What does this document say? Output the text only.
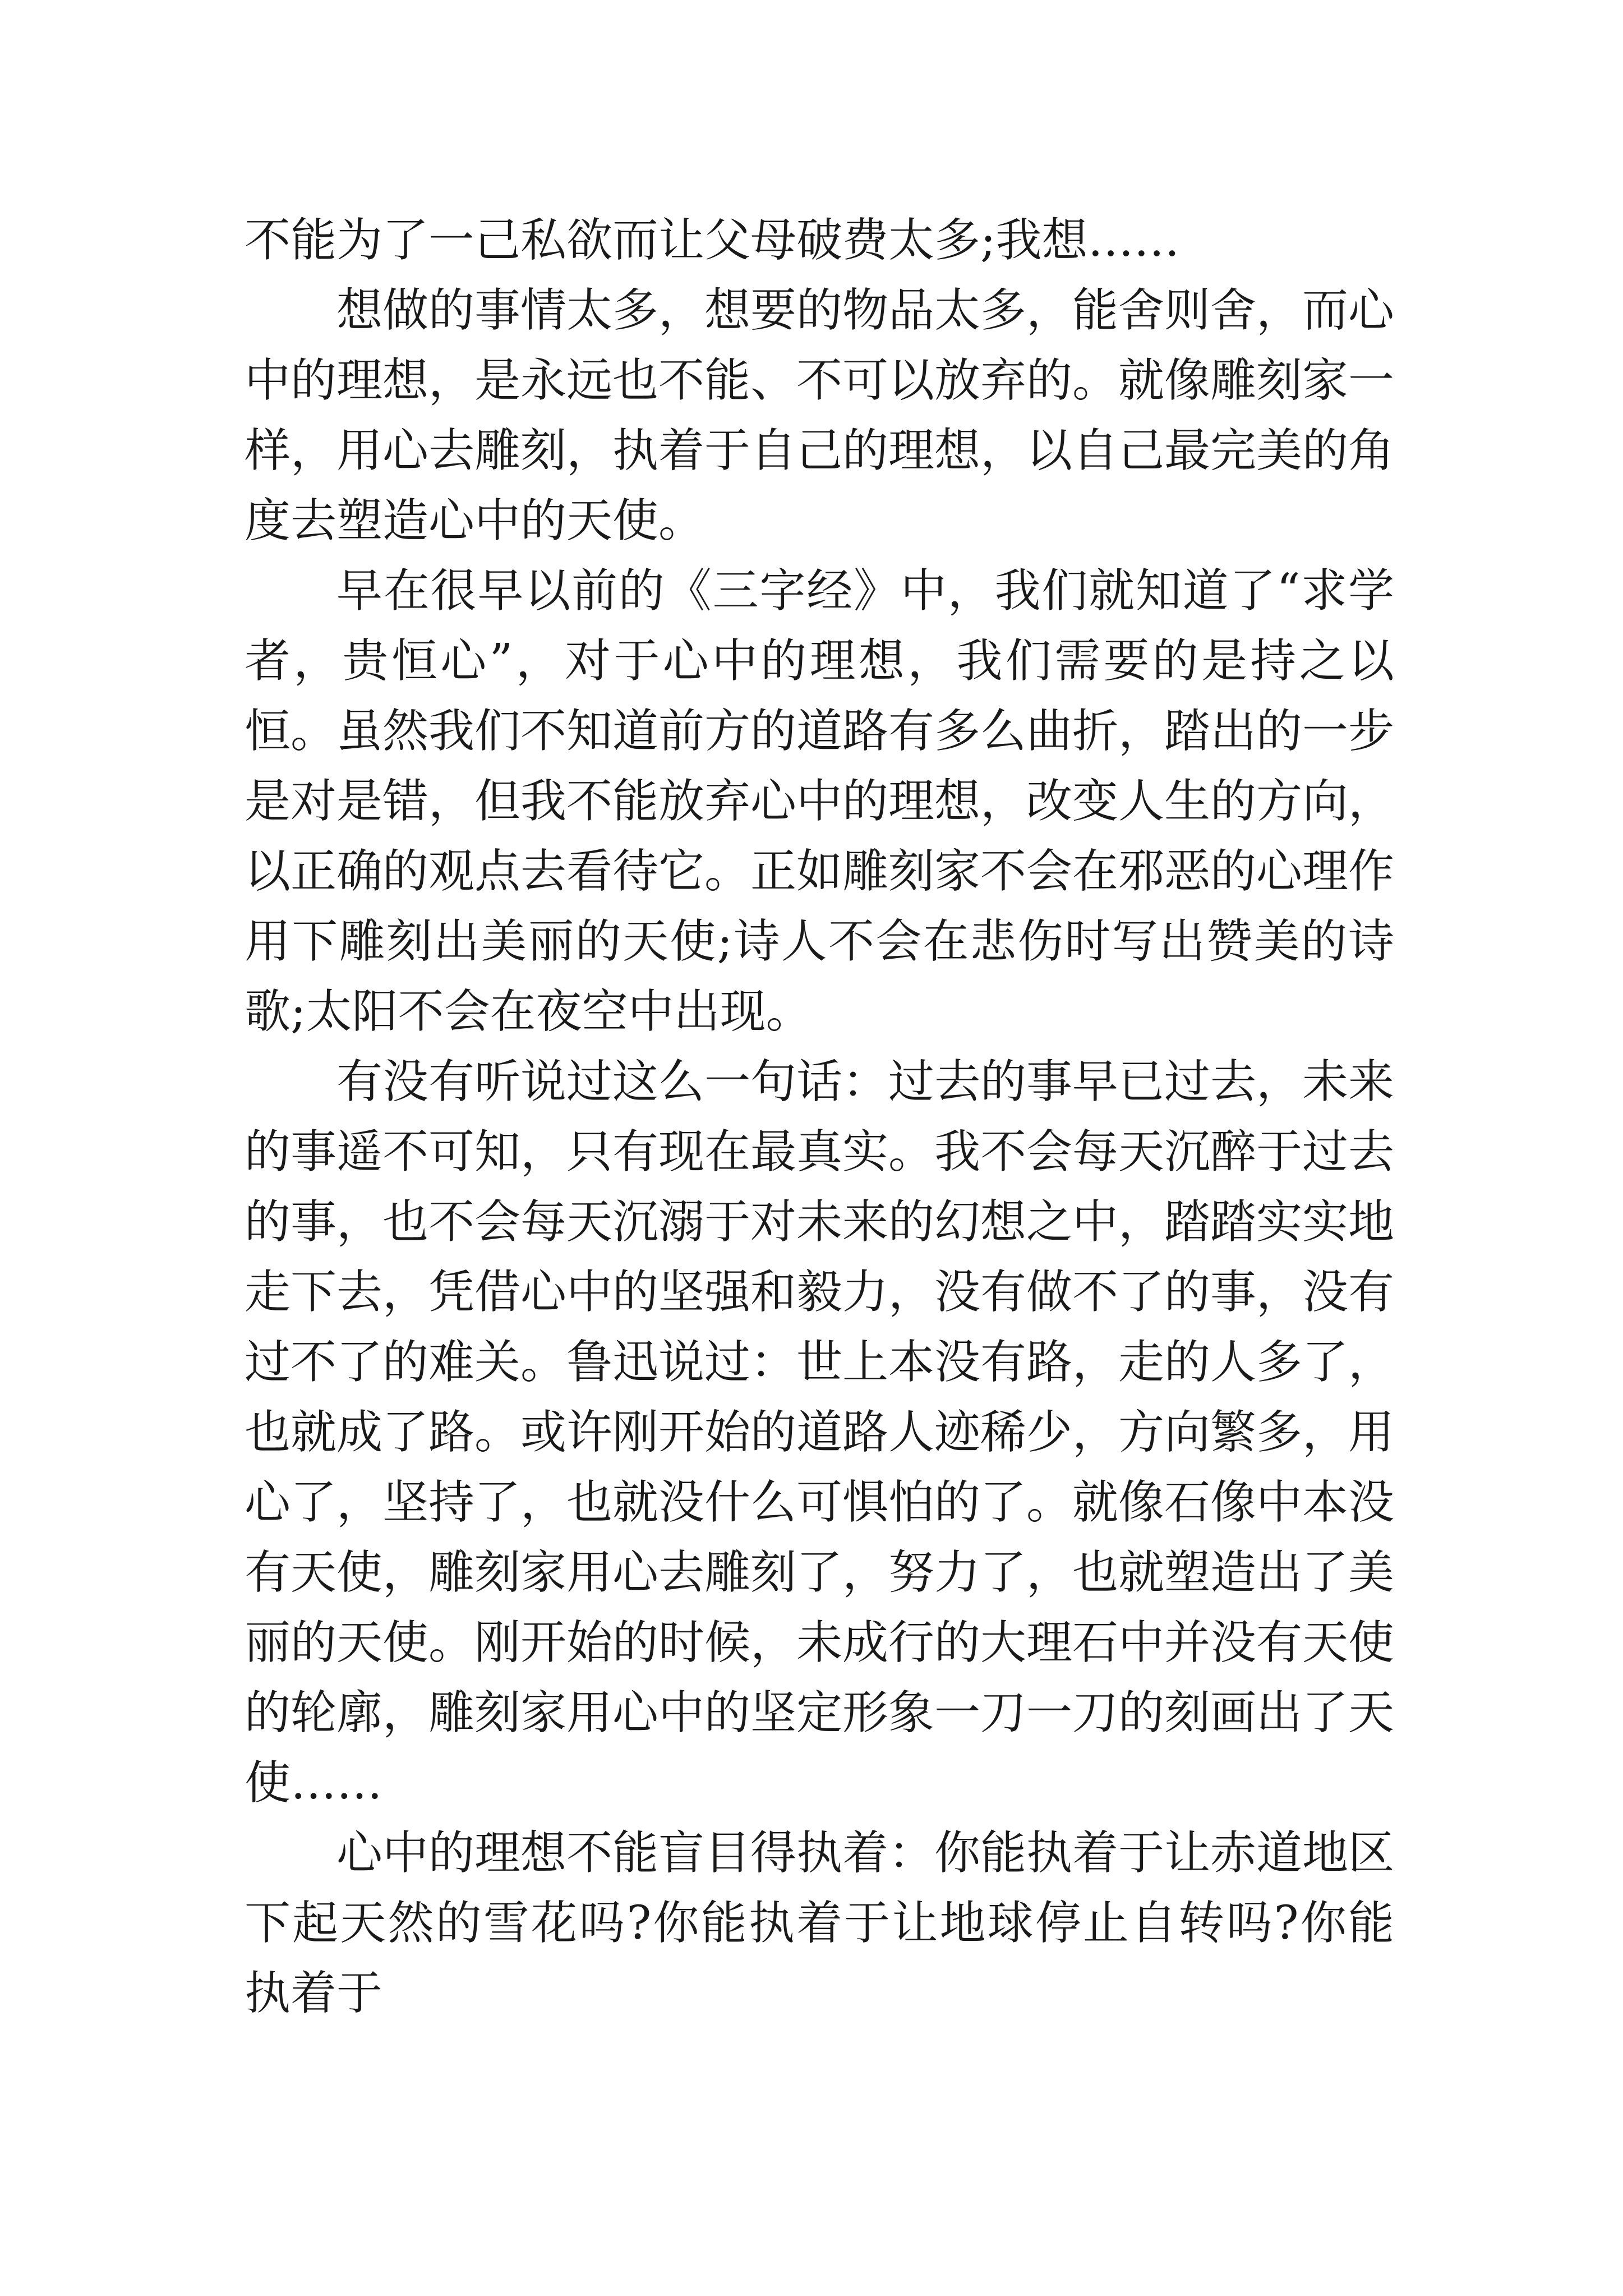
不能为了一己私欲而让父母破费太多;我想……

想做的事情太多，想要的物品太多，能舍则舍，而心中的理想，是永远也不能、不可以放弃的。就像雕刻家一样，用心去雕刻，执着于自己的理想，以自己最完美的角度去塑造心中的天使。

早在很早以前的《三字经》中，我们就知道了“求学者，贵恒心”，对于心中的理想，我们需要的是持之以恒。虽然我们不知道前方的道路有多么曲折，踏出的一步是对是错，但我不能放弃心中的理想，改变人生的方向，以正确的观点去看待它。正如雕刻家不会在邪恶的心理作用下雕刻出美丽的天使;诗人不会在悲伤时写出赞美的诗歌;太阳不会在夜空中出现。

有没有听说过这么一句话：过去的事早已过去，未来的事遥不可知，只有现在最真实。我不会每天沉醉于过去的事，也不会每天沉溺于对未来的幻想之中，踏踏实实地走下去，凭借心中的坚强和毅力，没有做不了的事，没有过不了的难关。鲁迅说过：世上本没有路，走的人多了，也就成了路。或许刚开始的道路人迹稀少，方向繁多，用心了，坚持了，也就没什么可惧怕的了。就像石像中本没有天使，雕刻家用心去雕刻了，努力了，也就塑造出了美丽的天使。刚开始的时候，未成行的大理石中并没有天使的轮廓，雕刻家用心中的坚定形象一刀一刀的刻画出了天使……

心中的理想不能盲目得执着：你能执着于让赤道地区下起天然的雪花吗?你能执着于让地球停止自转吗?你能执着于
